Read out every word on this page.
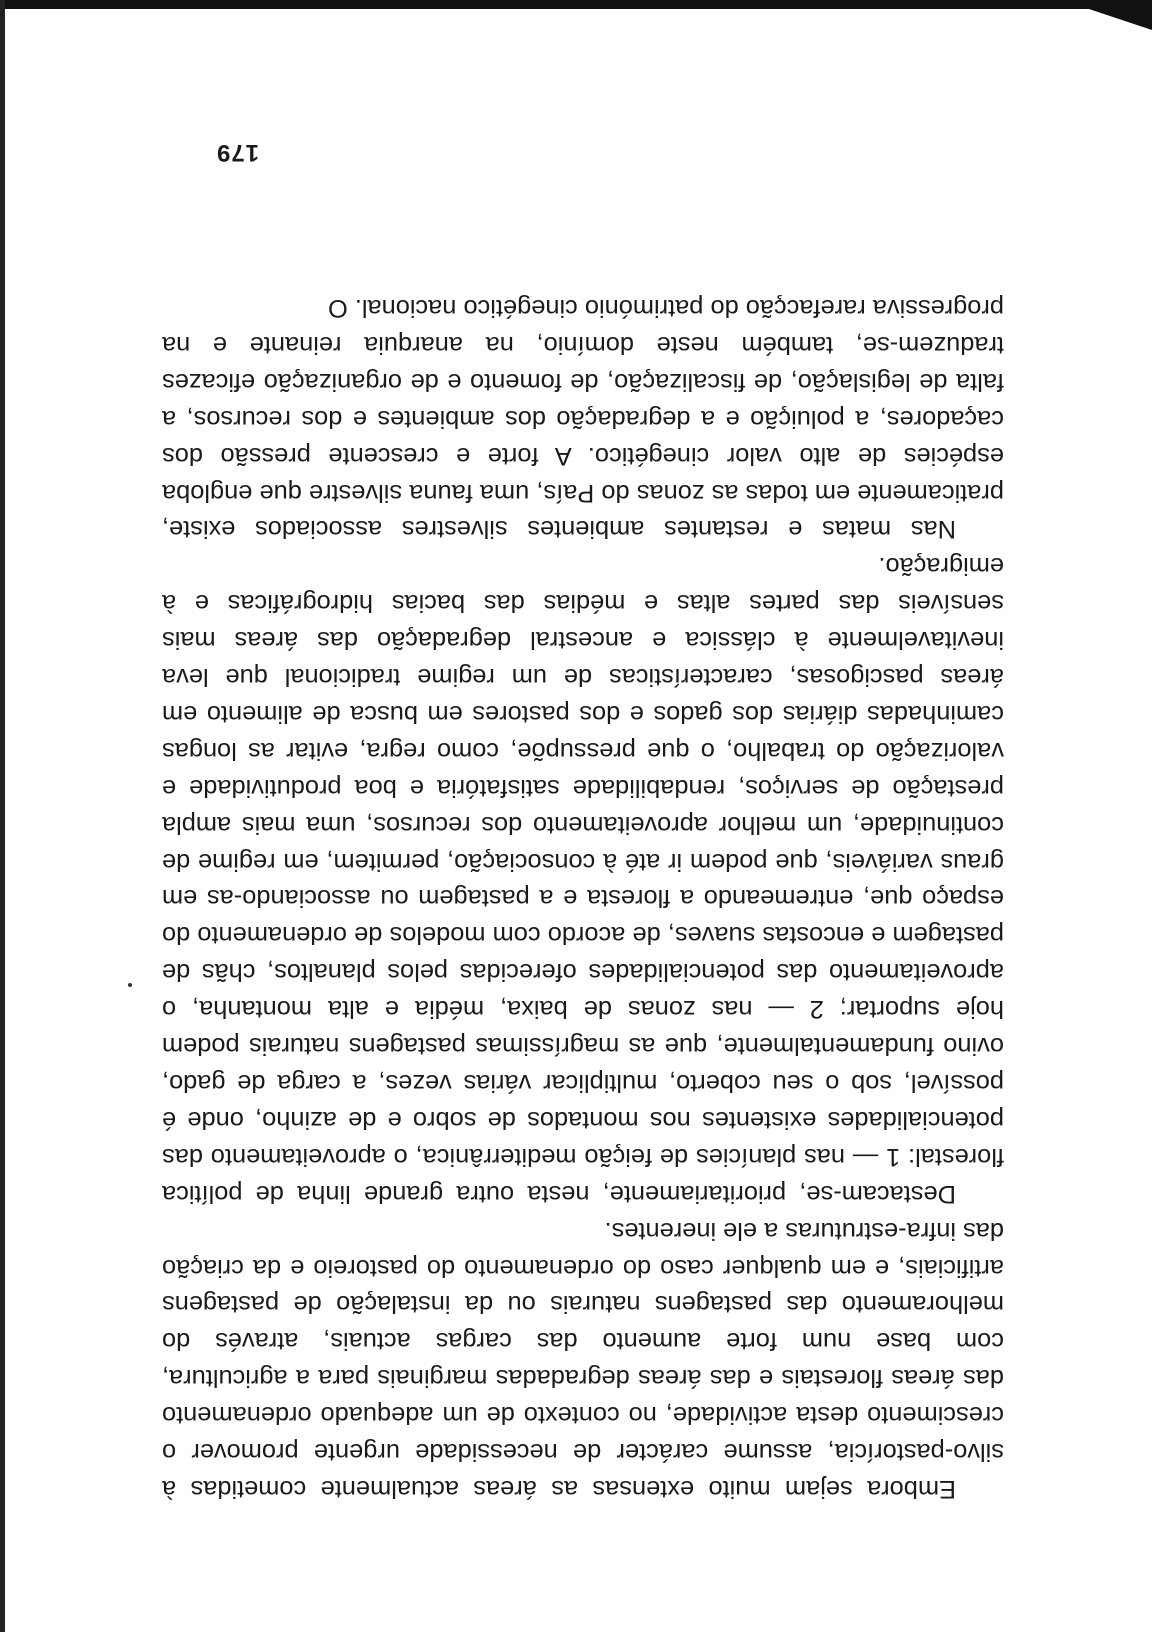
Embora sejam muito extensas as áreas actualmente cometidas à silvo-pastorícia, assume carácter de necessidade urgente promover o crescimento desta actividade, no contexto de um adequado ordenamento das áreas florestais e das áreas degradadas marginais para a agricultura, com base num forte aumento das cargas actuais, através do melhoramento das pastagens naturais ou da instalação de pastagens artificiais, e em qualquer caso do ordenamento do pastoreio e da criação das infra-estruturas a ele inerentes.

Destacam-se, prioritariamente, nesta outra grande linha de política florestal: 1 — nas planícies de feição mediterrânica, o aproveitamento das potencialidades existentes nos montados de sobro e de azinho, onde é possível, sob o seu coberto, multiplicar várias vezes, a carga de gado, ovino fundamentalmente, que as magríssimas pastagens naturais podem hoje suportar; 2 — nas zonas de baixa, média e alta montanha, o aproveitamento das potencialidades oferecidas pelos planaltos, chãs de pastagem e encostas suaves, de acordo com modelos de ordenamento do espaço que, entremeando a floresta e a pastagem ou associando-as em graus variáveis, que podem ir até à consociação, permitem, em regime de continuidade, um melhor aproveitamento dos recursos, uma mais ampla prestação de serviços, rendabilidade satisfatória e boa produtividade e valorização do trabalho, o que pressupõe, como regra, evitar as longas caminhadas diárias dos gados e dos pastores em busca de alimento em áreas pascigosas, características de um regime tradicional que leva inevitavelmente à clássica e ancestral degradação das áreas mais sensíveis das partes altas e médias das bacias hidrográficas e à emigração.

Nas matas e restantes ambientes silvestres associados existe, praticamente em todas as zonas do País, uma fauna silvestre que engloba espécies de alto valor cinegético. A forte e crescente pressão dos caçadores, a poluição e a degradação dos ambientes e dos recursos, a falta de legislação, de fiscalização, de fomento e de organização eficazes traduzem-se, também neste domínio, na anarquia reinante e na progressiva rarefacção do património cinegético nacional. O

179
